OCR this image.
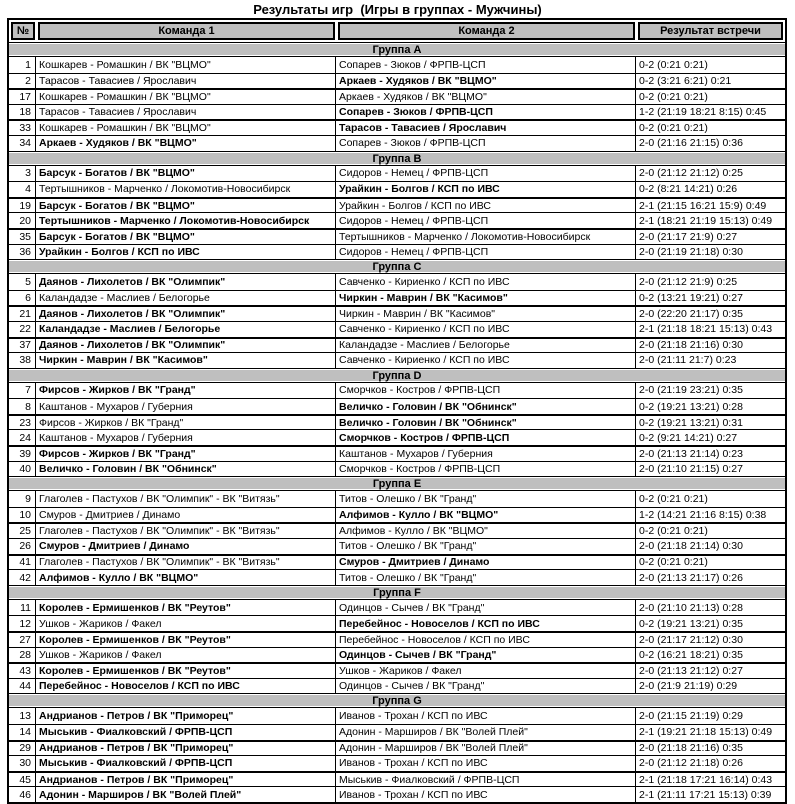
Результаты игр  (Игры в группах - Мужчины)
№	Команда 1	Команда 2	Результат встречи
Группа A
1 Кошкарев - Ромашкин / ВК "ВЦМО"	Сопарев - Зюков / ФРПВ-ЦСП	0-2 (0:21 0:21)
2 Тарасов - Тавасиев / Ярославич	Аркаев - Худяков / ВК "ВЦМО"	0-2 (3:21 6:21) 0:21
17 Кошкарев - Ромашкин / ВК "ВЦМО"	Аркаев - Худяков / ВК "ВЦМО"	0-2 (0:21 0:21)
18 Тарасов - Тавасиев / Ярославич	Сопарев - Зюков / ФРПВ-ЦСП	1-2 (21:19 18:21 8:15) 0:45
33 Кошкарев - Ромашкин / ВК "ВЦМО"	Тарасов - Тавасиев / Ярославич	0-2 (0:21 0:21)
34 Аркаев - Худяков / ВК "ВЦМО"	Сопарев - Зюков / ФРПВ-ЦСП	2-0 (21:16 21:15) 0:36
Группа B
3 Барсук - Богатов / ВК "ВЦМО"	Сидоров - Немец / ФРПВ-ЦСП	2-0 (21:12 21:12) 0:25
4 Тертышников - Марченко / Локомотив-Новосибирск	Урайкин - Болгов / КСП по ИВС	0-2 (8:21 14:21) 0:26
19 Барсук - Богатов / ВК "ВЦМО"	Урайкин - Болгов / КСП по ИВС	2-1 (21:15 16:21 15:9) 0:49
20 Тертышников - Марченко / Локомотив-Новосибирск	Сидоров - Немец / ФРПВ-ЦСП	2-1 (18:21 21:19 15:13) 0:49
35 Барсук - Богатов / ВК "ВЦМО"	Тертышников - Марченко / Локомотив-Новосибирск	2-0 (21:17 21:9) 0:27
36 Урайкин - Болгов / КСП по ИВС	Сидоров - Немец / ФРПВ-ЦСП	2-0 (21:19 21:18) 0:30
Группа C
5 Даянов - Лихолетов / ВК "Олимпик"	Савченко - Кириенко / КСП по ИВС	2-0 (21:12 21:9) 0:25
6 Каландадзе - Маслиев / Белогорье	Чиркин - Маврин / ВК "Касимов"	0-2 (13:21 19:21) 0:27
21 Даянов - Лихолетов / ВК "Олимпик"	Чиркин - Маврин / ВК "Касимов"	2-0 (22:20 21:17) 0:35
22 Каландадзе - Маслиев / Белогорье	Савченко - Кириенко / КСП по ИВС	2-1 (21:18 18:21 15:13) 0:43
37 Даянов - Лихолетов / ВК "Олимпик"	Каландадзе - Маслиев / Белогорье	2-0 (21:18 21:16) 0:30
38 Чиркин - Маврин / ВК "Касимов"	Савченко - Кириенко / КСП по ИВС	2-0 (21:11 21:7) 0:23
Группа D
7 Фирсов - Жирков / ВК "Гранд"	Сморчков - Костров / ФРПВ-ЦСП	2-0 (21:19 23:21) 0:35
8 Каштанов - Мухаров / Губерния	Величко - Головин / ВК "Обнинск"	0-2 (19:21 13:21) 0:28
23 Фирсов - Жирков / ВК "Гранд"	Величко - Головин / ВК "Обнинск"	0-2 (19:21 13:21) 0:31
24 Каштанов - Мухаров / Губерния	Сморчков - Костров / ФРПВ-ЦСП	0-2 (9:21 14:21) 0:27
39 Фирсов - Жирков / ВК "Гранд"	Каштанов - Мухаров / Губерния	2-0 (21:13 21:14) 0:23
40 Величко - Головин / ВК "Обнинск"	Сморчков - Костров / ФРПВ-ЦСП	2-0 (21:10 21:15) 0:27
Группа E
9 Глаголев - Пастухов / ВК "Олимпик" - ВК "Витязь"	Титов - Олешко / ВК "Гранд"	0-2 (0:21 0:21)
10 Смуров - Дмитриев / Динамо	Алфимов - Кулло / ВК "ВЦМО"	1-2 (14:21 21:16 8:15) 0:38
25 Глаголев - Пастухов / ВК "Олимпик" - ВК "Витязь"	Алфимов - Кулло / ВК "ВЦМО"	0-2 (0:21 0:21)
26 Смуров - Дмитриев / Динамо	Титов - Олешко / ВК "Гранд"	2-0 (21:18 21:14) 0:30
41 Глаголев - Пастухов / ВК "Олимпик" - ВК "Витязь"	Смуров - Дмитриев / Динамо	0-2 (0:21 0:21)
42 Алфимов - Кулло / ВК "ВЦМО"	Титов - Олешко / ВК "Гранд"	2-0 (21:13 21:17) 0:26
Группа F
11 Королев - Ермишенков / ВК "Реутов"	Одинцов - Сычев / ВК "Гранд"	2-0 (21:10 21:13) 0:28
12 Ушков - Жариков / Факел	Перебейнос - Новоселов / КСП по ИВС	0-2 (19:21 13:21) 0:35
27 Королев - Ермишенков / ВК "Реутов"	Перебейнос - Новоселов / КСП по ИВС	2-0 (21:17 21:12) 0:30
28 Ушков - Жариков / Факел	Одинцов - Сычев / ВК "Гранд"	0-2 (16:21 18:21) 0:35
43 Королев - Ермишенков / ВК "Реутов"	Ушков - Жариков / Факел	2-0 (21:13 21:12) 0:27
44 Перебейнос - Новоселов / КСП по ИВС	Одинцов - Сычев / ВК "Гранд"	2-0 (21:9 21:19) 0:29
Группа G
13 Андрианов - Петров / ВК "Приморец"	Иванов - Трохан / КСП по ИВС	2-0 (21:15 21:19) 0:29
14 Мыськив - Фиалковский / ФРПВ-ЦСП	Адонин - Марширов / ВК "Волей Плей"	2-1 (19:21 21:18 15:13) 0:49
29 Андрианов - Петров / ВК "Приморец"	Адонин - Марширов / ВК "Волей Плей"	2-0 (21:18 21:16) 0:35
30 Мыськив - Фиалковский / ФРПВ-ЦСП	Иванов - Трохан / КСП по ИВС	2-0 (21:12 21:18) 0:26
45 Андрианов - Петров / ВК "Приморец"	Мыськив - Фиалковский / ФРПВ-ЦСП	2-1 (21:18 17:21 16:14) 0:43
46 Адонин - Марширов / ВК "Волей Плей"	Иванов - Трохан / КСП по ИВС	2-1 (21:11 17:21 15:13) 0:39
